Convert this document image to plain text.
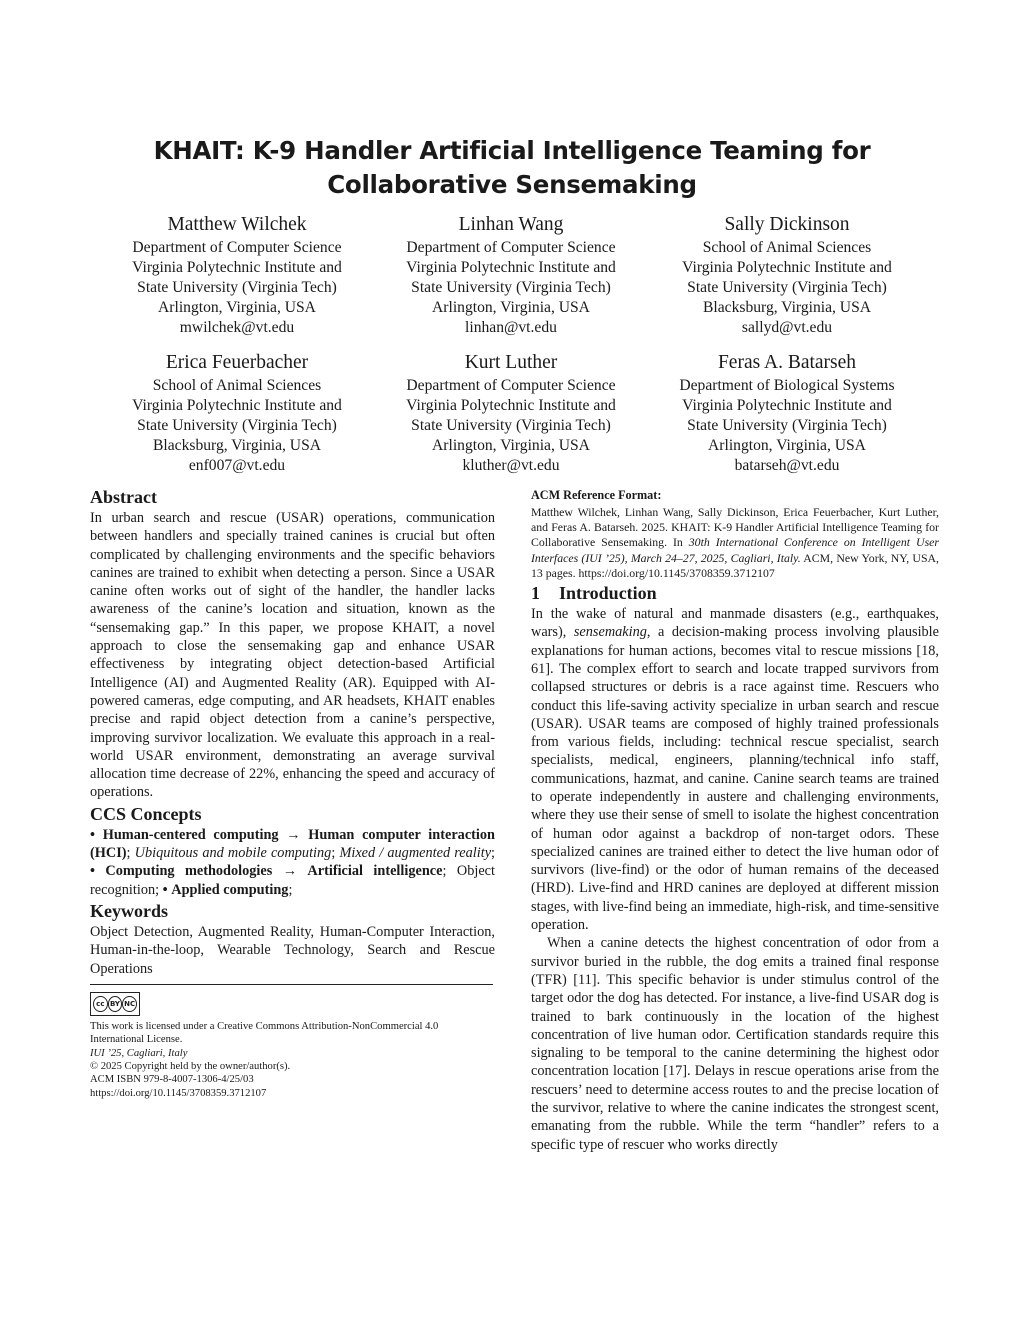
KHAIT: K-9 Handler Artificial Intelligence Teaming for
Collaborative Sensemaking
Matthew Wilchek
Department of Computer Science
Virginia Polytechnic Institute and
State University (Virginia Tech)
Arlington, Virginia, USA
mwilchek@vt.edu
Linhan Wang
Department of Computer Science
Virginia Polytechnic Institute and
State University (Virginia Tech)
Arlington, Virginia, USA
linhan@vt.edu
Sally Dickinson
School of Animal Sciences
Virginia Polytechnic Institute and
State University (Virginia Tech)
Blacksburg, Virginia, USA
sallyd@vt.edu
Erica Feuerbacher
School of Animal Sciences
Virginia Polytechnic Institute and
State University (Virginia Tech)
Blacksburg, Virginia, USA
enf007@vt.edu
Kurt Luther
Department of Computer Science
Virginia Polytechnic Institute and
State University (Virginia Tech)
Arlington, Virginia, USA
kluther@vt.edu
Feras A. Batarseh
Department of Biological Systems
Virginia Polytechnic Institute and
State University (Virginia Tech)
Arlington, Virginia, USA
batarseh@vt.edu
Abstract

In urban search and rescue (USAR) operations, communication between handlers and specially trained canines is crucial but often complicated by challenging environments and the specific behaviors canines are trained to exhibit when detecting a person. Since a USAR canine often works out of sight of the handler, the handler lacks awareness of the canine’s location and situation, known as the “sensemaking gap.” In this paper, we propose KHAIT, a novel approach to close the sensemaking gap and enhance USAR effectiveness by integrating object detection-based Artificial Intelligence (AI) and Augmented Reality (AR). Equipped with AI-powered cameras, edge computing, and AR headsets, KHAIT enables precise and rapid object detection from a canine’s perspective, improving survivor localization. We evaluate this approach in a real-world USAR environment, demonstrating an average survival allocation time decrease of 22%, enhancing the speed and accuracy of operations.

CCS Concepts

• Human-centered computing → Human computer interaction (HCI); Ubiquitous and mobile computing; Mixed / augmented reality; • Computing methodologies → Artificial intelligence; Object recognition; • Applied computing;

Keywords

Object Detection, Augmented Reality, Human-Computer Interaction, Human-in-the-loop, Wearable Technology, Search and Rescue Operations

cc BY NC
This work is licensed under a Creative Commons Attribution-NonCommercial 4.0
International License.
IUI ’25, Cagliari, Italy
© 2025 Copyright held by the owner/author(s).
ACM ISBN 979-8-4007-1306-4/25/03
https://doi.org/10.1145/3708359.3712107
ACM Reference Format:

Matthew Wilchek, Linhan Wang, Sally Dickinson, Erica Feuerbacher, Kurt Luther, and Feras A. Batarseh. 2025. KHAIT: K-9 Handler Artificial Intelligence Teaming for Collaborative Sensemaking. In 30th International Conference on Intelligent User Interfaces (IUI ’25), March 24–27, 2025, Cagliari, Italy. ACM, New York, NY, USA, 13 pages. https://doi.org/10.1145/3708359.3712107

1 Introduction

In the wake of natural and manmade disasters (e.g., earthquakes, wars), sensemaking, a decision-making process involving plausible explanations for human actions, becomes vital to rescue missions [18, 61]. The complex effort to search and locate trapped survivors from collapsed structures or debris is a race against time. Rescuers who conduct this life-saving activity specialize in urban search and rescue (USAR). USAR teams are composed of highly trained professionals from various fields, including: technical rescue specialist, search specialists, medical, engineers, planning/technical info staff, communications, hazmat, and canine. Canine search teams are trained to operate independently in austere and challenging environments, where they use their sense of smell to isolate the highest concentration of human odor against a backdrop of non-target odors. These specialized canines are trained either to detect the live human odor of survivors (live-find) or the odor of human remains of the deceased (HRD). Live-find and HRD canines are deployed at different mission stages, with live-find being an immediate, high-risk, and time-sensitive operation.

When a canine detects the highest concentration of odor from a survivor buried in the rubble, the dog emits a trained final response (TFR) [11]. This specific behavior is under stimulus control of the target odor the dog has detected. For instance, a live-find USAR dog is trained to bark continuously in the location of the highest concentration of live human odor. Certification standards require this signaling to be temporal to the canine determining the highest odor concentration location [17]. Delays in rescue operations arise from the rescuers’ need to determine access routes to and the precise location of the survivor, relative to where the canine indicates the strongest scent, emanating from the rubble. While the term “handler” refers to a specific type of rescuer who works directly
